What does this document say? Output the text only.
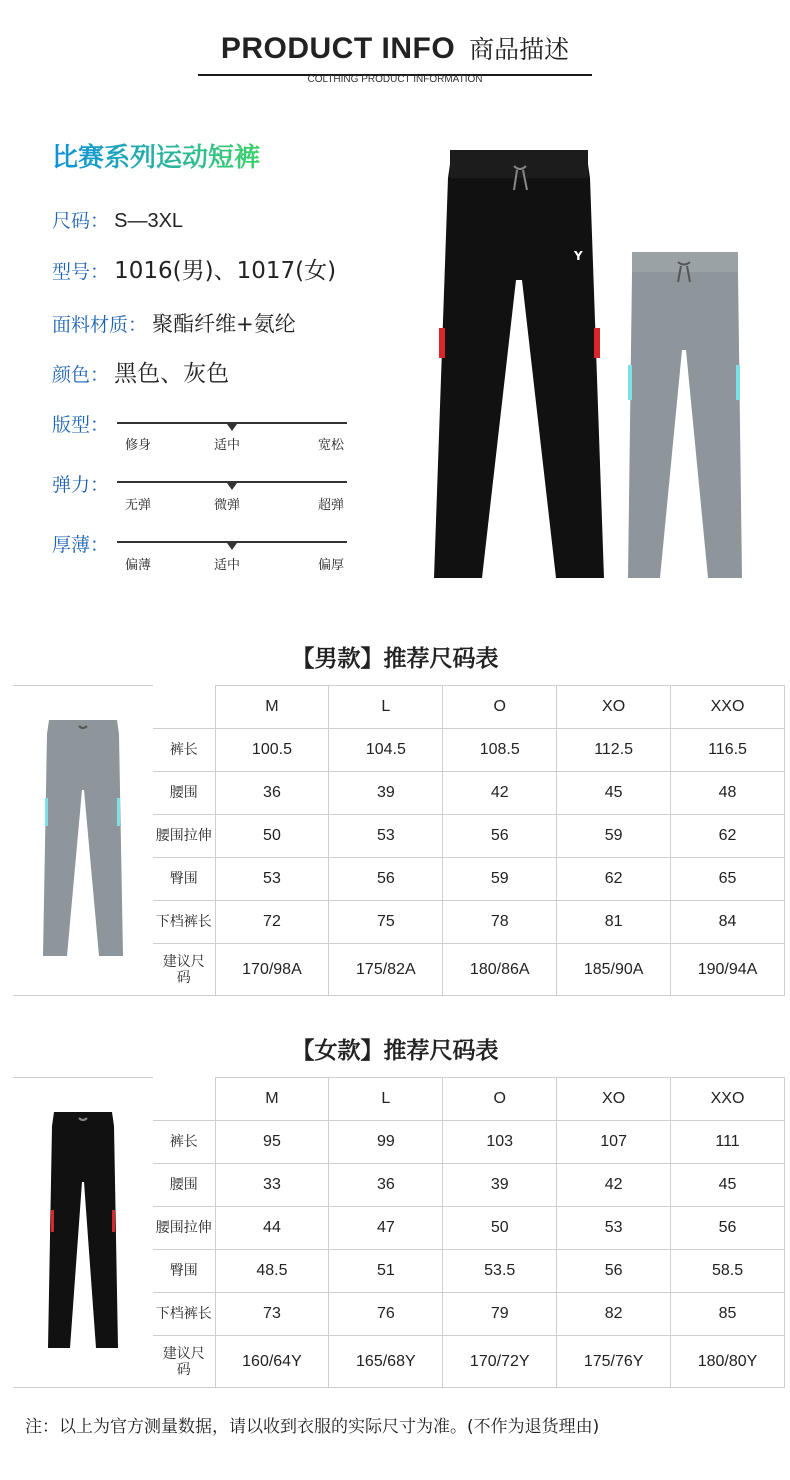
PRODUCT INFO 商品描述
COLTHING PRODUCT INFORMATION
比赛系列运动短裤
尺码： S—3XL
型号： 1016(男)、1017(女)
面料材质： 聚酯纤维+氨纶
颜色： 黑色、灰色
版型：
修身	适中	宽松
弹力：
无弹	微弹	超弹
厚薄：
偏薄	适中	偏厚
Y
【男款】推荐尺码表
		M	L	O	XO	XXO
	裤长	100.5	104.5	108.5	112.5	116.5
	腰围	36	39	42	45	48
	腰围拉伸	50	53	56	59	62
	臀围	53	56	59	62	65
	下档裤长	72	75	78	81	84
	建议尺码	170/98A	175/82A	180/86A	185/90A	190/94A
【女款】推荐尺码表
		M	L	O	XO	XXO
	裤长	95	99	103	107	111
	腰围	33	36	39	42	45
	腰围拉伸	44	47	50	53	56
	臀围	48.5	51	53.5	56	58.5
	下档裤长	73	76	79	82	85
	建议尺码	160/64Y	165/68Y	170/72Y	175/76Y	180/80Y
注：以上为官方测量数据，请以收到衣服的实际尺寸为准。(不作为退货理由)
